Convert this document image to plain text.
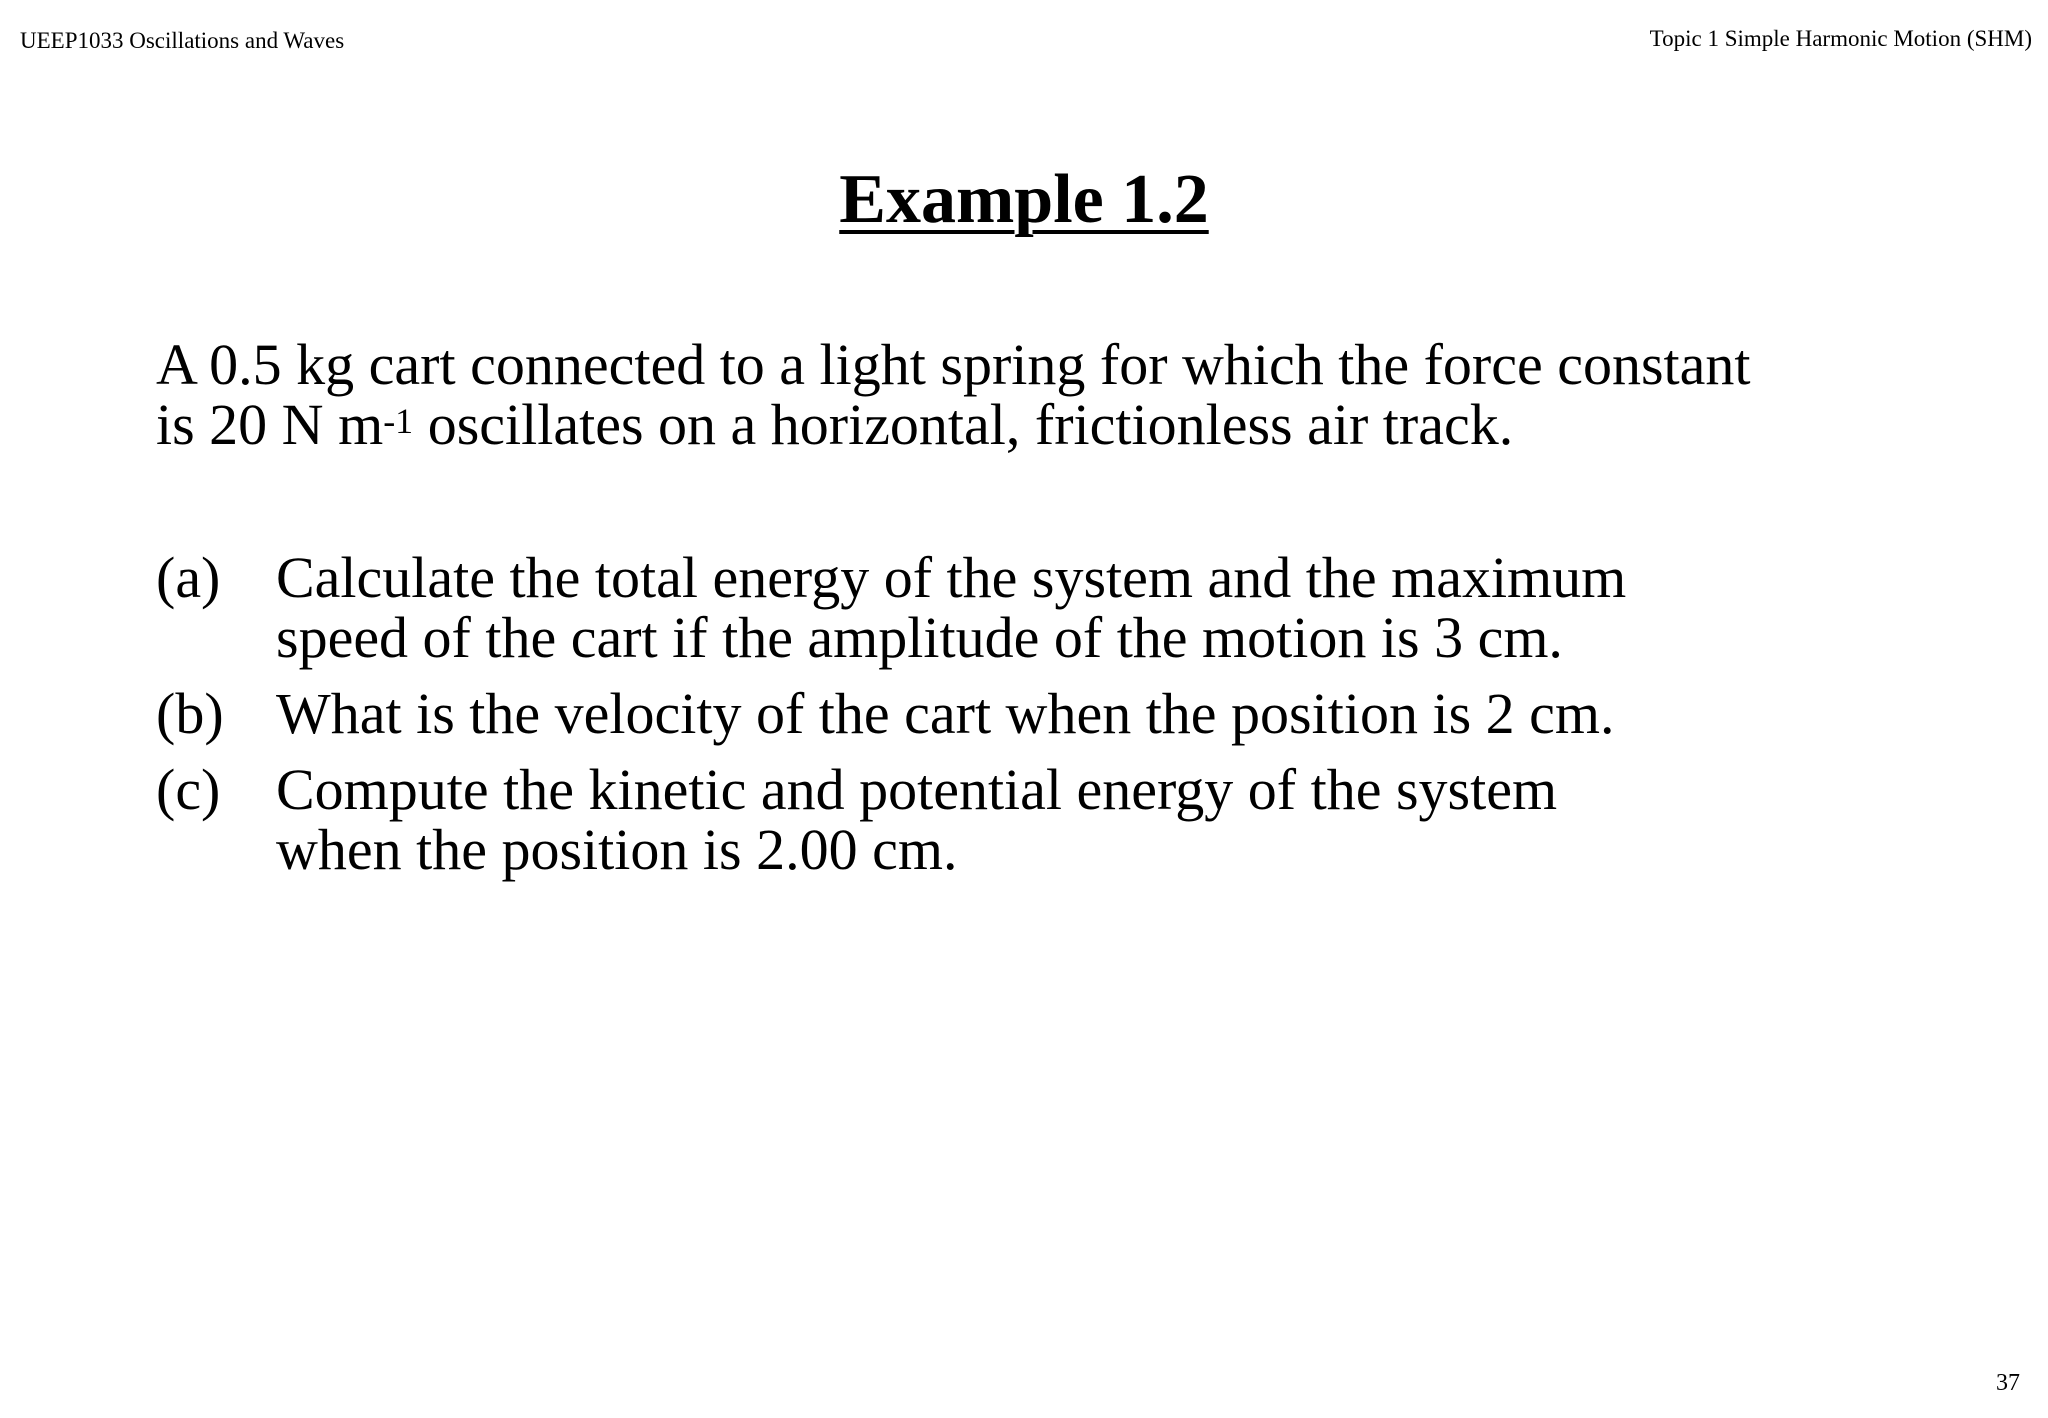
UEEP1033 Oscillations and Waves	Topic 1 Simple Harmonic Motion (SHM)
Example 1.2

A 0.5 kg cart connected to a light spring for which the force constant

is 20 N $m^{-1}$ oscillates on a horizontal, frictionless air track.

(a) Calculate the total energy of the system and the maximum

speed of the cart if the amplitude of the motion is 3 cm.

(b) What is the velocity of the cart when the position is 2 cm.

(c) Compute the kinetic and potential energy of the system

when the position is 2.00 cm.

37
